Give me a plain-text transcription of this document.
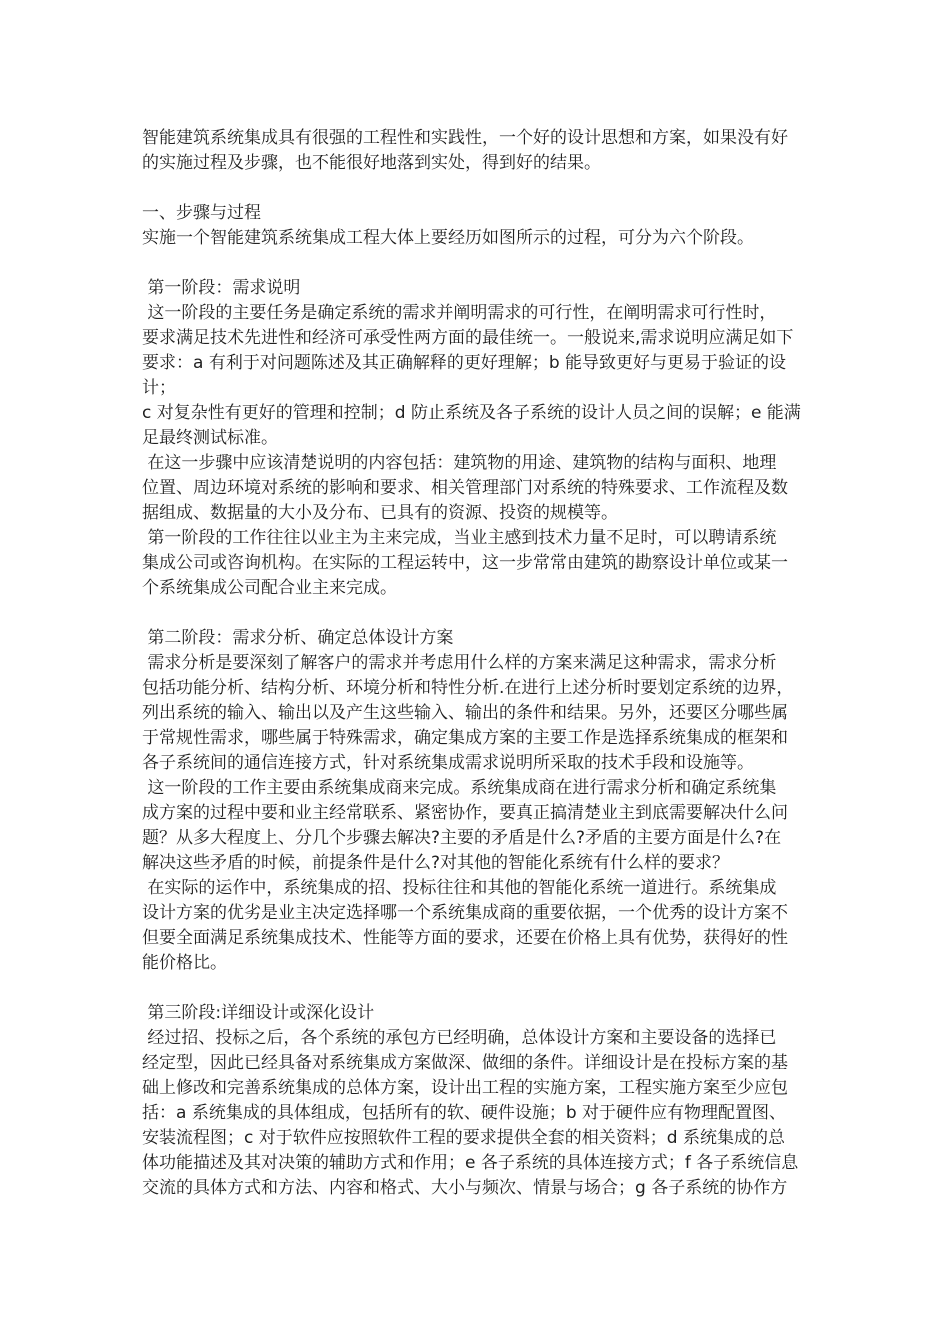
智能建筑系统集成具有很强的工程性和实践性，一个好的设计思想和方案，如果没有好
的实施过程及步骤，也不能很好地落到实处，得到好的结果。
一、步骤与过程
实施一个智能建筑系统集成工程大体上要经历如图所示的过程，可分为六个阶段。
第一阶段：需求说明
这一阶段的主要任务是确定系统的需求并阐明需求的可行性，在阐明需求可行性时，
要求满足技术先进性和经济可承受性两方面的最佳统一。一般说来,需求说明应满足如下
要求：a 有利于对问题陈述及其正确解释的更好理解；b 能导致更好与更易于验证的设
计；
c 对复杂性有更好的管理和控制；d 防止系统及各子系统的设计人员之间的误解；e 能满
足最终测试标准。
在这一步骤中应该清楚说明的内容包括：建筑物的用途、建筑物的结构与面积、地理
位置、周边环境对系统的影响和要求、相关管理部门对系统的特殊要求、工作流程及数
据组成、数据量的大小及分布、已具有的资源、投资的规模等。
第一阶段的工作往往以业主为主来完成，当业主感到技术力量不足时，可以聘请系统
集成公司或咨询机构。在实际的工程运转中，这一步常常由建筑的勘察设计单位或某一
个系统集成公司配合业主来完成。
第二阶段：需求分析、确定总体设计方案
需求分析是要深刻了解客户的需求并考虑用什么样的方案来满足这种需求，需求分析
包括功能分析、结构分析、环境分析和特性分析.在进行上述分析时要划定系统的边界，
列出系统的输入、输出以及产生这些输入、输出的条件和结果。另外，还要区分哪些属
于常规性需求，哪些属于特殊需求，确定集成方案的主要工作是选择系统集成的框架和
各子系统间的通信连接方式，针对系统集成需求说明所采取的技术手段和设施等。
这一阶段的工作主要由系统集成商来完成。系统集成商在进行需求分析和确定系统集
成方案的过程中要和业主经常联系、紧密协作，要真正搞清楚业主到底需要解决什么问
题？从多大程度上、分几个步骤去解决?主要的矛盾是什么?矛盾的主要方面是什么?在
解决这些矛盾的时候，前提条件是什么?对其他的智能化系统有什么样的要求？
在实际的运作中，系统集成的招、投标往往和其他的智能化系统一道进行。系统集成
设计方案的优劣是业主决定选择哪一个系统集成商的重要依据，一个优秀的设计方案不
但要全面满足系统集成技术、性能等方面的要求，还要在价格上具有优势，获得好的性
能价格比。
第三阶段:详细设计或深化设计
经过招、投标之后，各个系统的承包方已经明确，总体设计方案和主要设备的选择已
经定型，因此已经具备对系统集成方案做深、做细的条件。详细设计是在投标方案的基
础上修改和完善系统集成的总体方案，设计出工程的实施方案，工程实施方案至少应包
括：a 系统集成的具体组成，包括所有的软、硬件设施；b 对于硬件应有物理配置图、
安装流程图；c 对于软件应按照软件工程的要求提供全套的相关资料；d 系统集成的总
体功能描述及其对决策的辅助方式和作用；e 各子系统的具体连接方式；f 各子系统信息
交流的具体方式和方法、内容和格式、大小与频次、情景与场合；g 各子系统的协作方
